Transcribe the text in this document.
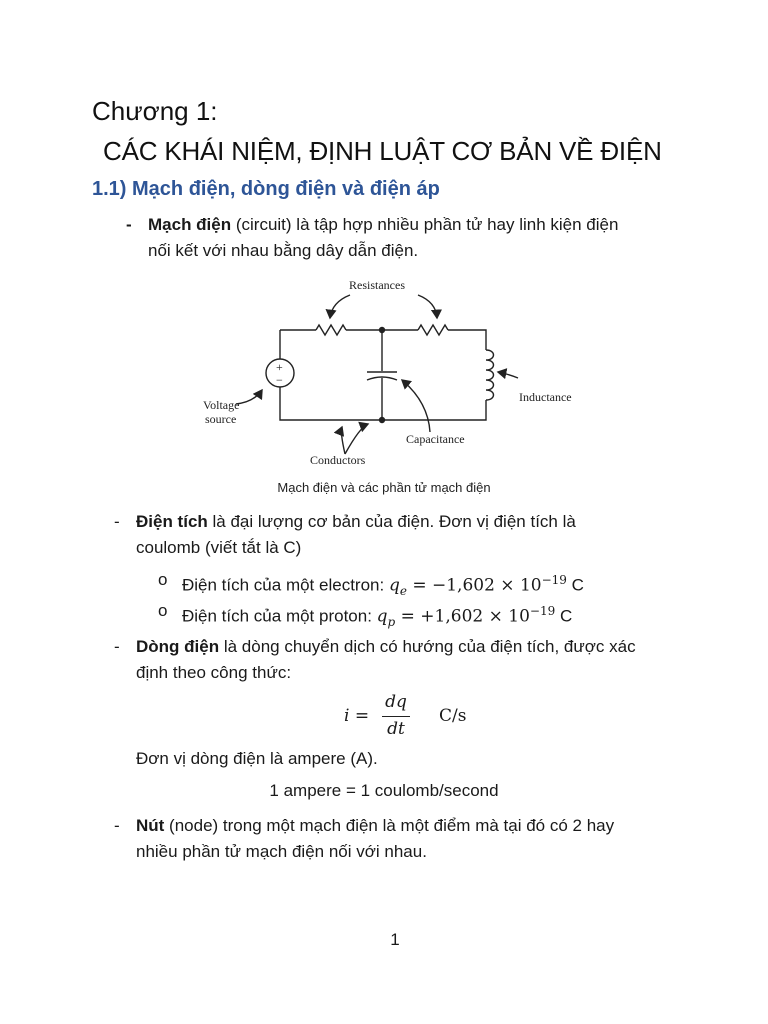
Chương 1:
CÁC KHÁI NIỆM, ĐỊNH LUẬT CƠ BẢN VỀ ĐIỆN
1.1) Mạch điện, dòng điện và điện áp
- Mạch điện (circuit) là tập hợp nhiều phần tử hay linh kiện điện
nối kết với nhau bằng dây dẫn điện.
+
−
Resistances
Voltage
source
Inductance
Capacitance
Conductors
Mạch điện và các phần tử mạch điện
- Điện tích là đại lượng cơ bản của điện. Đơn vị điện tích là
coulomb (viết tắt là C)
o Điện tích của một electron: $q_e = -1,602 \times 10^{-19}$ C
o Điện tích của một proton: $q_p = +1,602 \times 10^{-19}$ C
- Dòng điện là dòng chuyển dịch có hướng của điện tích, được xác
định theo công thức:
i =
dq
dt
C/s
Đơn vị dòng điện là ampere (A).
1 ampere = 1 coulomb/second
- Nút (node) trong một mạch điện là một điểm mà tại đó có 2 hay
nhiều phần tử mạch điện nối với nhau.
1
